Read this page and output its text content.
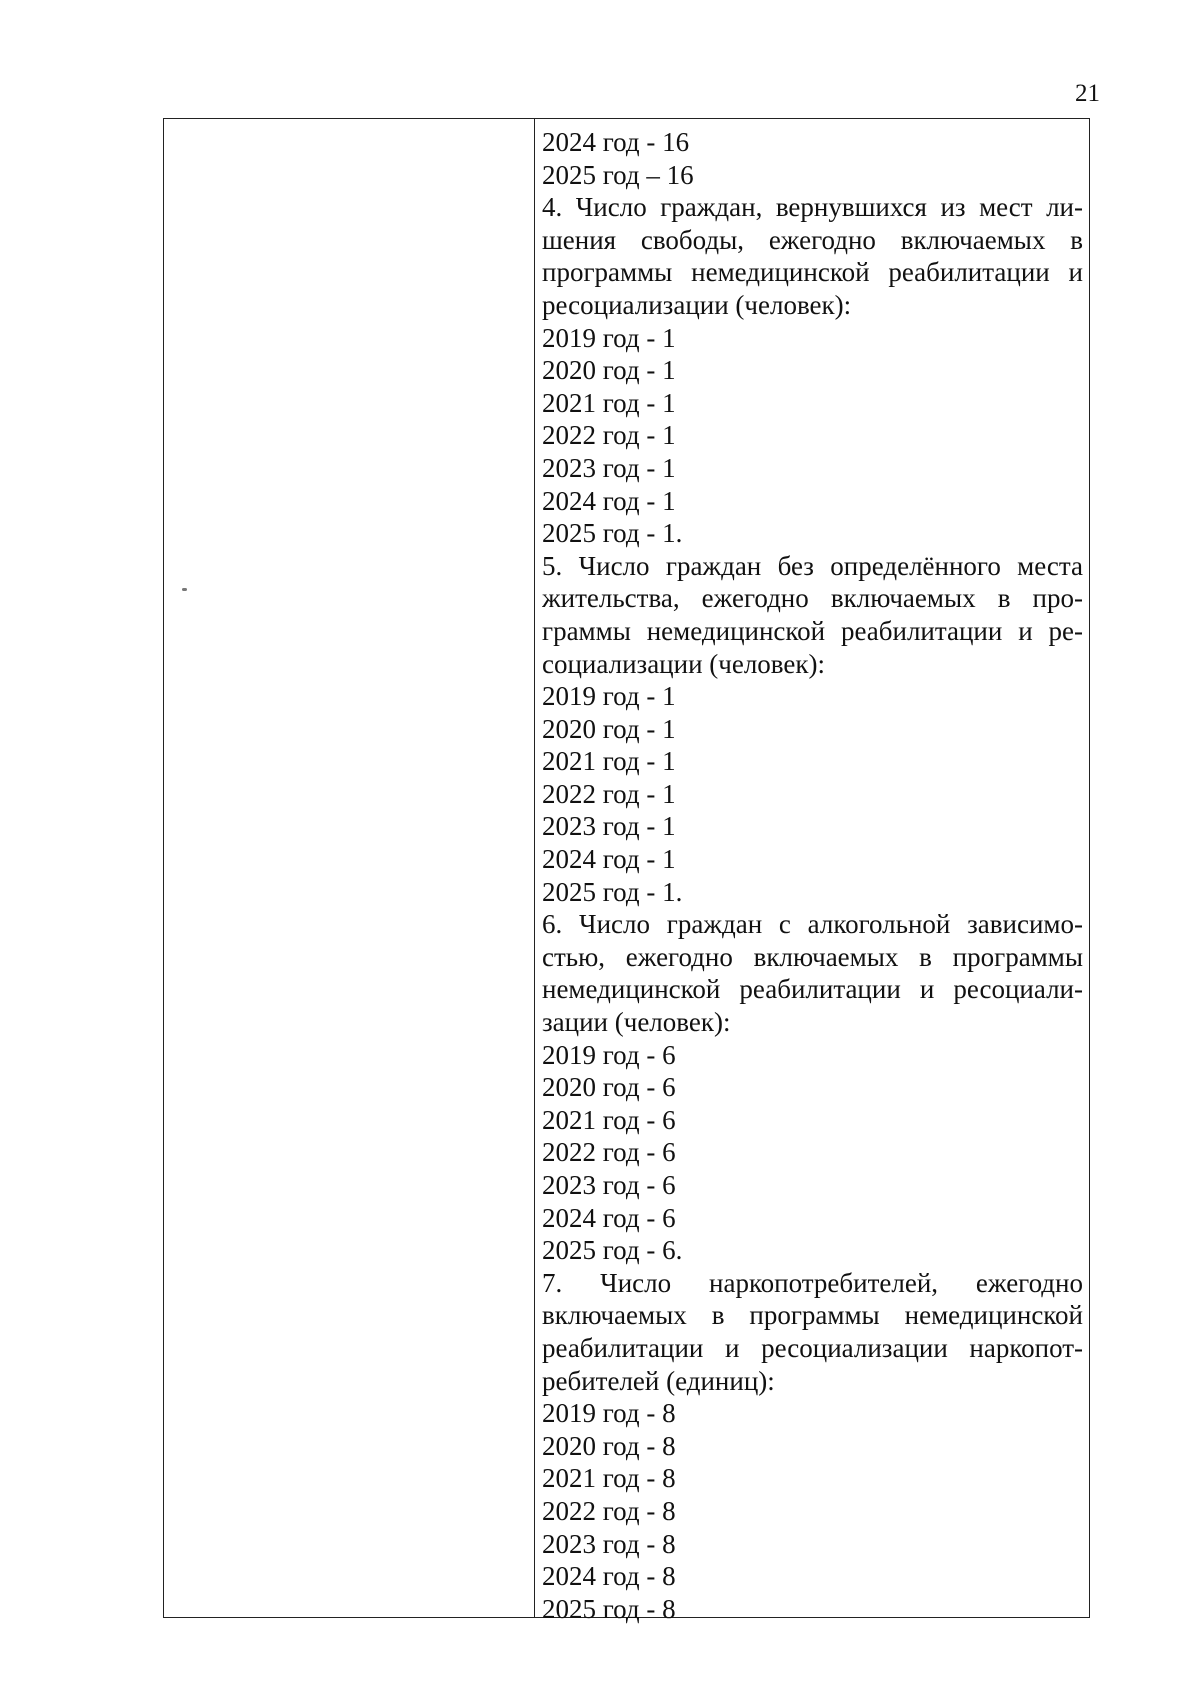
21
2024 год - 16
2025 год – 16
4. Число граждан, вернувшихся из мест ли-
шения свободы, ежегодно включаемых в
программы немедицинской реабилитации и
ресоциализации (человек):
2019 год - 1
2020 год - 1
2021 год - 1
2022 год - 1
2023 год - 1
2024 год - 1
2025 год - 1.
5. Число граждан без определённого места
жительства, ежегодно включаемых в про-
граммы немедицинской реабилитации и ре-
социализации (человек):
2019 год - 1
2020 год - 1
2021 год - 1
2022 год - 1
2023 год - 1
2024 год - 1
2025 год - 1.
6. Число граждан с алкогольной зависимо-
стью, ежегодно включаемых в программы
немедицинской реабилитации и ресоциали-
зации (человек):
2019 год - 6
2020 год - 6
2021 год - 6
2022 год - 6
2023 год - 6
2024 год - 6
2025 год - 6.
7. Число наркопотребителей, ежегодно
включаемых в программы немедицинской
реабилитации и ресоциализации наркопот-
ребителей (единиц):
2019 год - 8
2020 год - 8
2021 год - 8
2022 год - 8
2023 год - 8
2024 год - 8
2025 год - 8
